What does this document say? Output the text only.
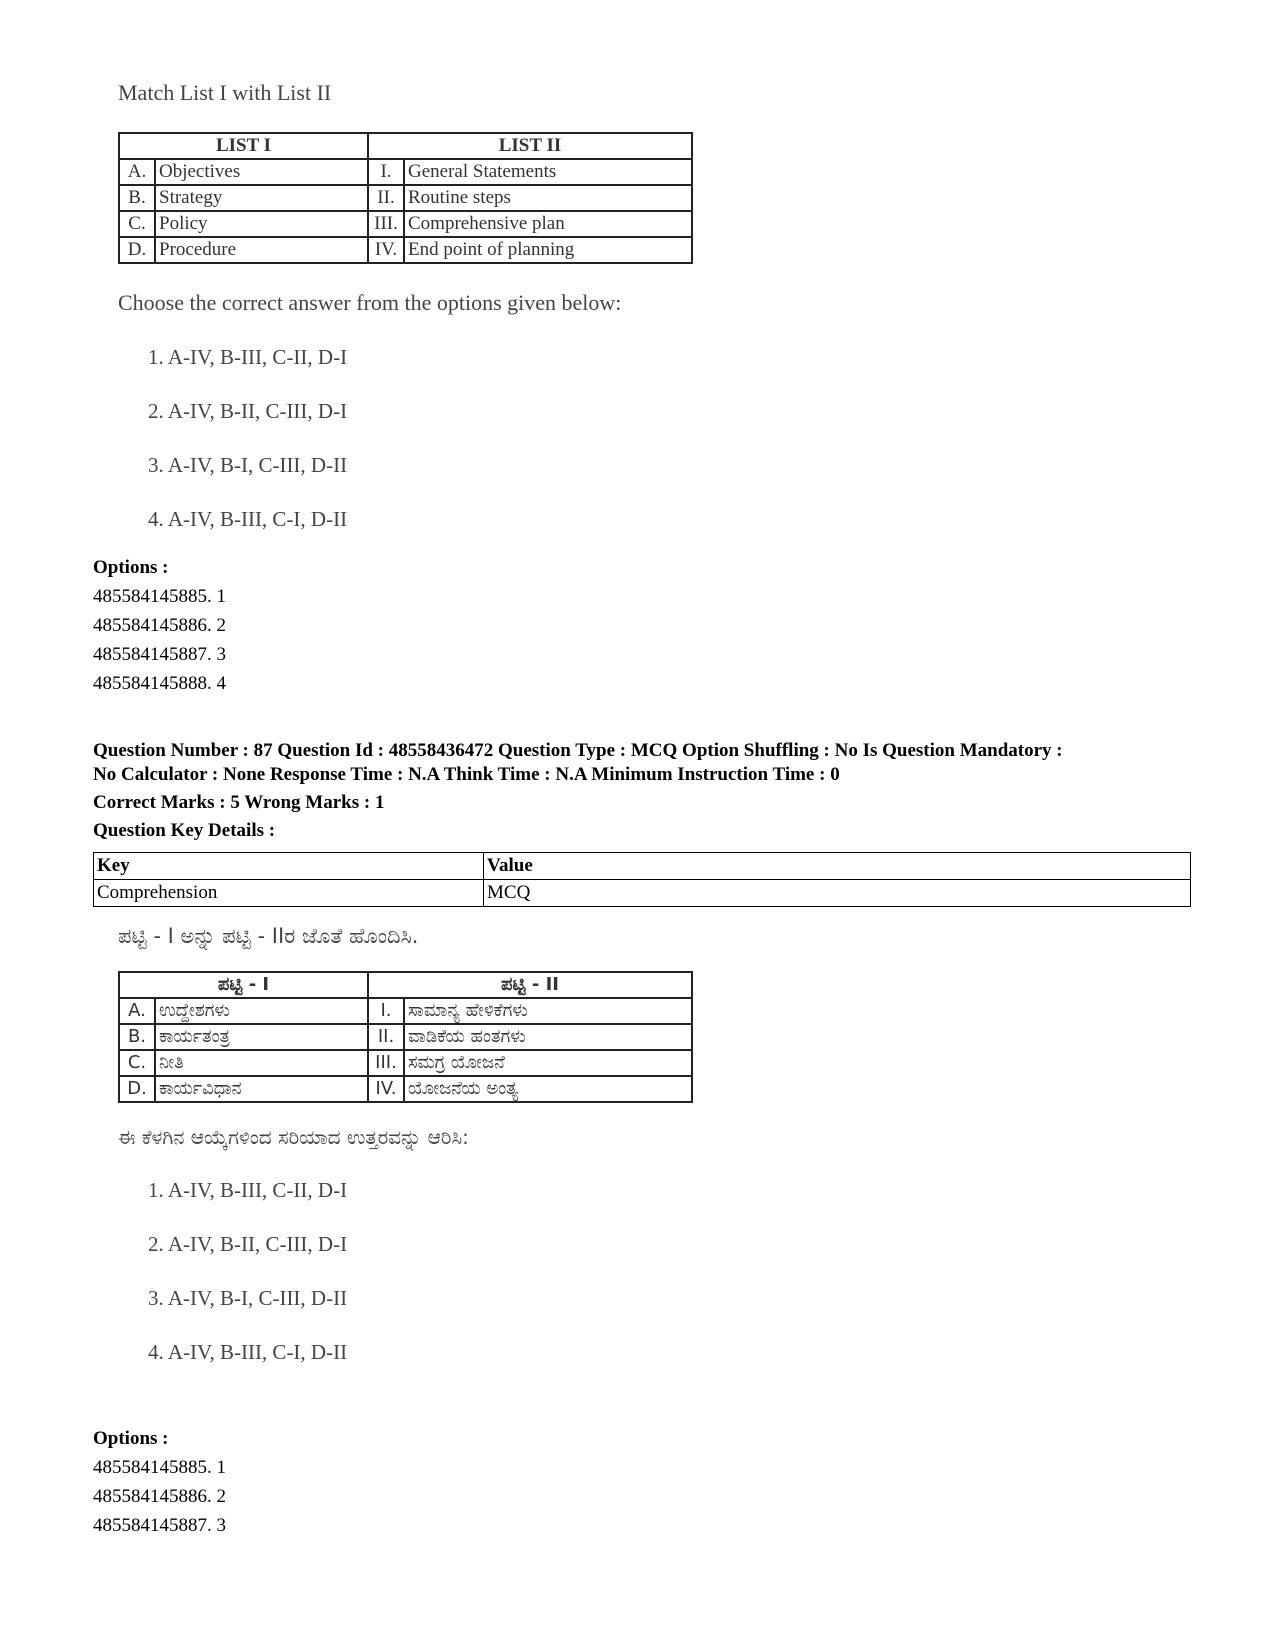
Match List I with List II

LIST I		LIST II	
A.	Objectives	I.	General Statements
B.	Strategy	II.	Routine steps
C.	Policy	III.	Comprehensive plan
D.	Procedure	IV.	End point of planning

Choose the correct answer from the options given below:

1. A-IV, B-III, C-II, D-I
2. A-IV, B-II, C-III, D-I
3. A-IV, B-I, C-III, D-II
4. A-IV, B-III, C-I, D-II

Options :

485584145885. 1

485584145886. 2

485584145887. 3

485584145888. 4

Question Number : 87 Question Id : 48558436472 Question Type : MCQ Option Shuffling : No Is Question Mandatory :

No Calculator : None Response Time : N.A Think Time : N.A Minimum Instruction Time : 0

Correct Marks : 5 Wrong Marks : 1

Question Key Details :

Key	Value
Comprehension	MCQ

ಪಟ್ಟಿ - I ಅನ್ನು ಪಟ್ಟಿ - IIರ ಜೊತೆ ಹೊಂದಿಸಿ.

ಪಟ್ಟಿ - I		ಪಟ್ಟಿ - II	
A.	ಉದ್ದೇಶಗಳು	I.	ಸಾಮಾನ್ಯ ಹೇಳಿಕೆಗಳು
B.	ಕಾರ್ಯತಂತ್ರ	II.	ವಾಡಿಕೆಯ ಹಂತಗಳು
C.	ನೀತಿ	III.	ಸಮಗ್ರ ಯೋಜನೆ
D.	ಕಾರ್ಯವಿಧಾನ	IV.	ಯೋಜನೆಯ ಅಂತ್ಯ

ಈ ಕೆಳಗಿನ ಆಯ್ಕೆಗಳಿಂದ ಸರಿಯಾದ ಉತ್ತರವನ್ನು ಆರಿಸಿ:

1. A-IV, B-III, C-II, D-I
2. A-IV, B-II, C-III, D-I
3. A-IV, B-I, C-III, D-II
4. A-IV, B-III, C-I, D-II

Options :

485584145885. 1

485584145886. 2

485584145887. 3
